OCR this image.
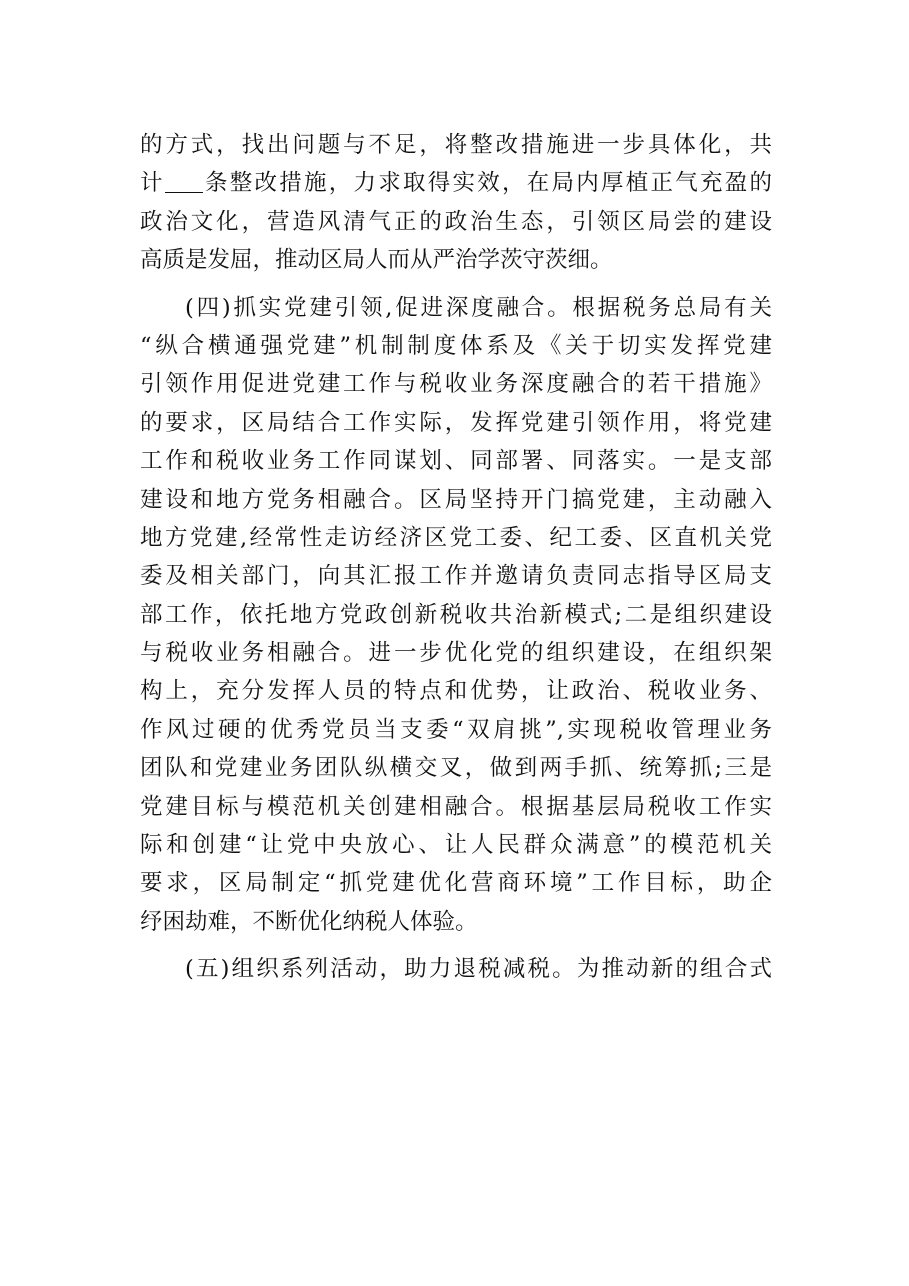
的方式，找出问题与不足，将整改措施进一步具体化，共
计 条整改措施，力求取得实效，在局内厚植正气充盈的
政治文化，营造风清气正的政治生态，引领区局尝的建设
高质是发屈，推动区局人而从严治学茨守茨细。
(四)抓实党建引领,促进深度融合。根据税务总局有关
“纵合横通强党建”机制制度体系及《关于切实发挥党建
引领作用促进党建工作与税收业务深度融合的若干措施》
的要求，区局结合工作实际，发挥党建引领作用，将党建
工作和税收业务工作同谋划、同部署、同落实。一是支部
建设和地方党务相融合。区局坚持开门搞党建，主动融入
地方党建,经常性走访经济区党工委、纪工委、区直机关党
委及相关部门，向其汇报工作并邀请负责同志指导区局支
部工作，依托地方党政创新税收共治新模式;二是组织建设
与税收业务相融合。进一步优化党的组织建设，在组织架
构上，充分发挥人员的特点和优势，让政治、税收业务、
作风过硬的优秀党员当支委“双肩挑”,实现税收管理业务
团队和党建业务团队纵横交叉，做到两手抓、统筹抓;三是
党建目标与模范机关创建相融合。根据基层局税收工作实
际和创建“让党中央放心、让人民群众满意”的模范机关
要求，区局制定“抓党建优化营商环境”工作目标，助企
纾困劫难，不断优化纳税人体验。
(五)组织系列活动，助力退税减税。为推动新的组合式
